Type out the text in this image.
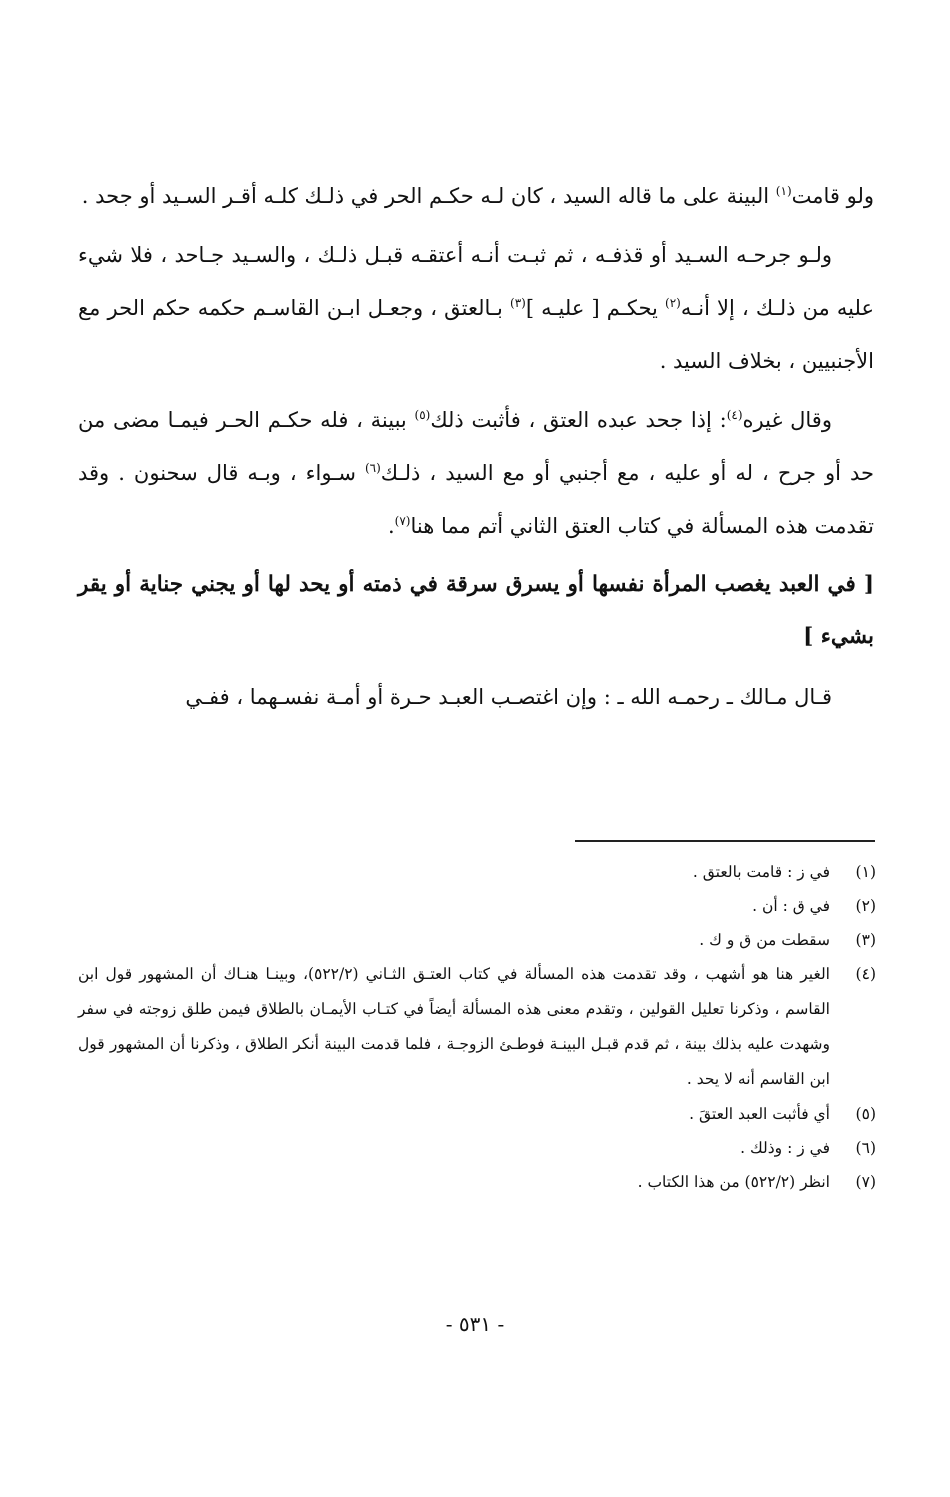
ولو قامت$^{(١)}$ البينة على ما قاله السيد ، كان لـه حكـم الحر في ذلـك كلـه أقـر السـيد أو جحد .

ولـو جرحـه السـيد أو قذفـه ، ثم ثبـت أنـه أعتقـه قبـل ذلـك ، والسـيد جـاحد ، فلا شيء عليه من ذلـك ، إلا أنـه$^{(٢)}$ يحكـم [ عليـه ]$^{(٣)}$ بـالعتق ، وجعـل ابـن القاسـم حكمه حكم الحر مع الأجنبيين ، بخلاف السيد .

وقال غيره$^{(٤)}$: إذا جحد عبده العتق ، فأثبت ذلك$^{(٥)}$ ببينة ، فله حكـم الحـر فيمـا مضى من حد أو جرح ، له أو عليه ، مع أجنبي أو مع السيد ، ذلـك$^{(٦)}$ سـواء ، وبـه قال سحنون . وقد تقدمت هذه المسألة في كتاب العتق الثاني أتم مما هنا$^{(٧)}$.

[ في العبد يغصب المرأة نفسها أو يسرق سرقة في ذمته أو يحد لها أو يجني جناية أو يقر بشيء ]

قـال مـالك ـ رحمـه الله ـ : وإن اغتصـب العبـد حـرة أو أمـة نفسـهما ، ففـي

(١)
في ز : قامت بالعتق .
(٢)
في ق : أن .
(٣)
سقطت من ق و ك .
(٤)
الغير هنا هو أشهب ، وقد تقدمت هذه المسألة في كتاب العتـق الثـاني (٥٢٢/٢)، وبينـا هنـاك أن المشهور قول ابن القاسم ، وذكرنا تعليل القولين ، وتقدم معنى هذه المسألة أيضاً في كتـاب الأيمـان بالطلاق فيمن طلق زوجته في سفر وشهدت عليه بذلك بينة ، ثم قدم قبـل البينـة فوطـئ الزوجـة ، فلما قدمت البينة أنكر الطلاق ، وذكرنا أن المشهور قول ابن القاسم أنه لا يحد .
(٥)
أي فأثبت العبد العتقَ .
(٦)
في ز : وذلك .
(٧)
انظر (٥٢٢/٢) من هذا الكتاب .
- ٥٣١ -
